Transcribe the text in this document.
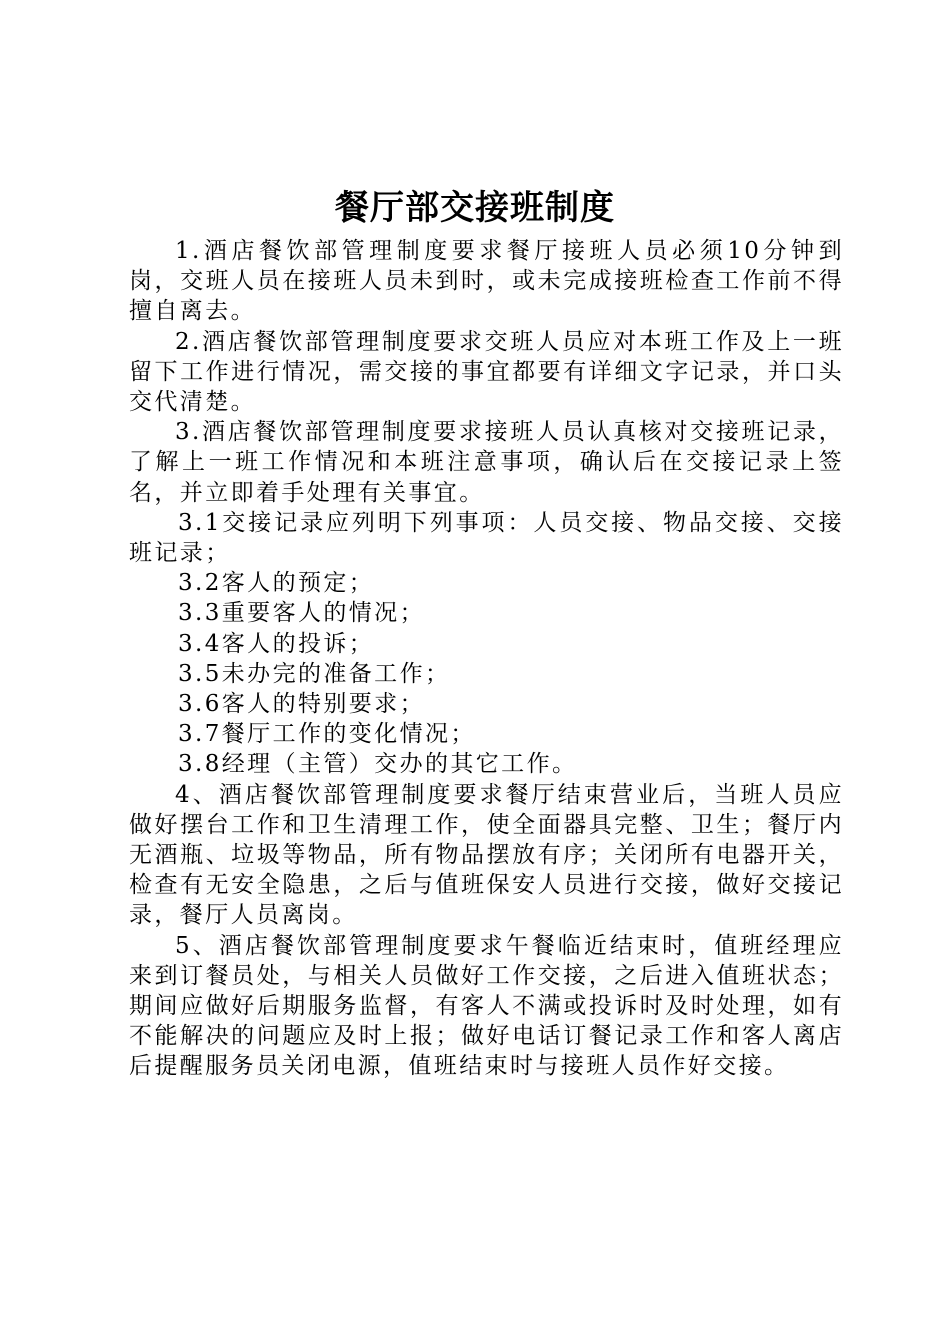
餐厅部交接班制度

1.酒店餐饮部管理制度要求餐厅接班人员必须10分钟到岗，交班人员在接班人员未到时，或未完成接班检查工作前不得擅自离去。

2.酒店餐饮部管理制度要求交班人员应对本班工作及上一班留下工作进行情况，需交接的事宜都要有详细文字记录，并口头交代清楚。

3.酒店餐饮部管理制度要求接班人员认真核对交接班记录，了解上一班工作情况和本班注意事项，确认后在交接记录上签名，并立即着手处理有关事宜。

3.1交接记录应列明下列事项：人员交接、物品交接、交接班记录；

3.2客人的预定；

3.3重要客人的情况；

3.4客人的投诉；

3.5未办完的准备工作；

3.6客人的特别要求；

3.7餐厅工作的变化情况；

3.8经理（主管）交办的其它工作。

4、酒店餐饮部管理制度要求餐厅结束营业后，当班人员应做好摆台工作和卫生清理工作，使全面器具完整、卫生；餐厅内无酒瓶、垃圾等物品，所有物品摆放有序；关闭所有电器开关，检查有无安全隐患，之后与值班保安人员进行交接，做好交接记录，餐厅人员离岗。

5、酒店餐饮部管理制度要求午餐临近结束时，值班经理应来到订餐员处，与相关人员做好工作交接，之后进入值班状态；期间应做好后期服务监督，有客人不满或投诉时及时处理，如有不能解决的问题应及时上报；做好电话订餐记录工作和客人离店后提醒服务员关闭电源，值班结束时与接班人员作好交接。
